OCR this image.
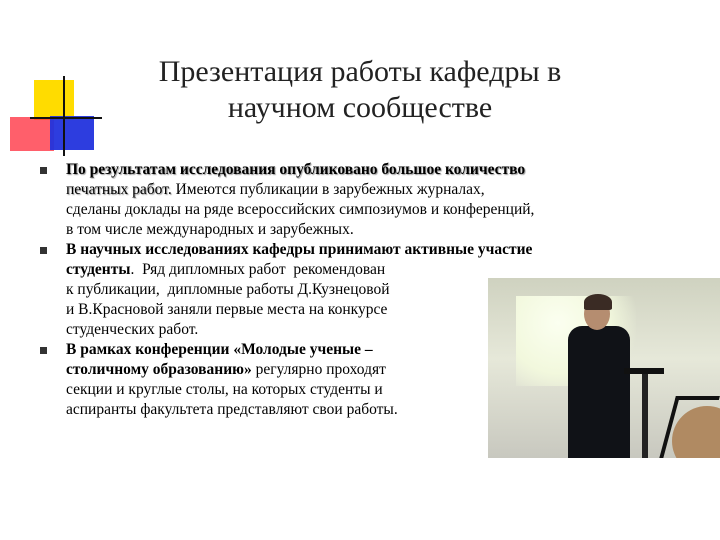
Презентация работы кафедры в научном сообществе
По результатам исследования опубликовано большое количество
печатных работ. Имеются публикации в зарубежных журналах,
сделаны доклады на ряде всероссийских симпозиумов и конференций,
в том числе международных и зарубежных.
В научных исследованиях кафедры принимают активные участие
студенты.  Ряд дипломных работ  рекомендован
к публикации,  дипломные работы Д.Кузнецовой
и В.Красновой заняли первые места на конкурсе
студенческих работ.
В рамках конференции «Молодые ученые –
столичному образованию» регулярно проходят
секции и круглые столы, на которых студенты и
аспиранты факультета представляют свои работы.
